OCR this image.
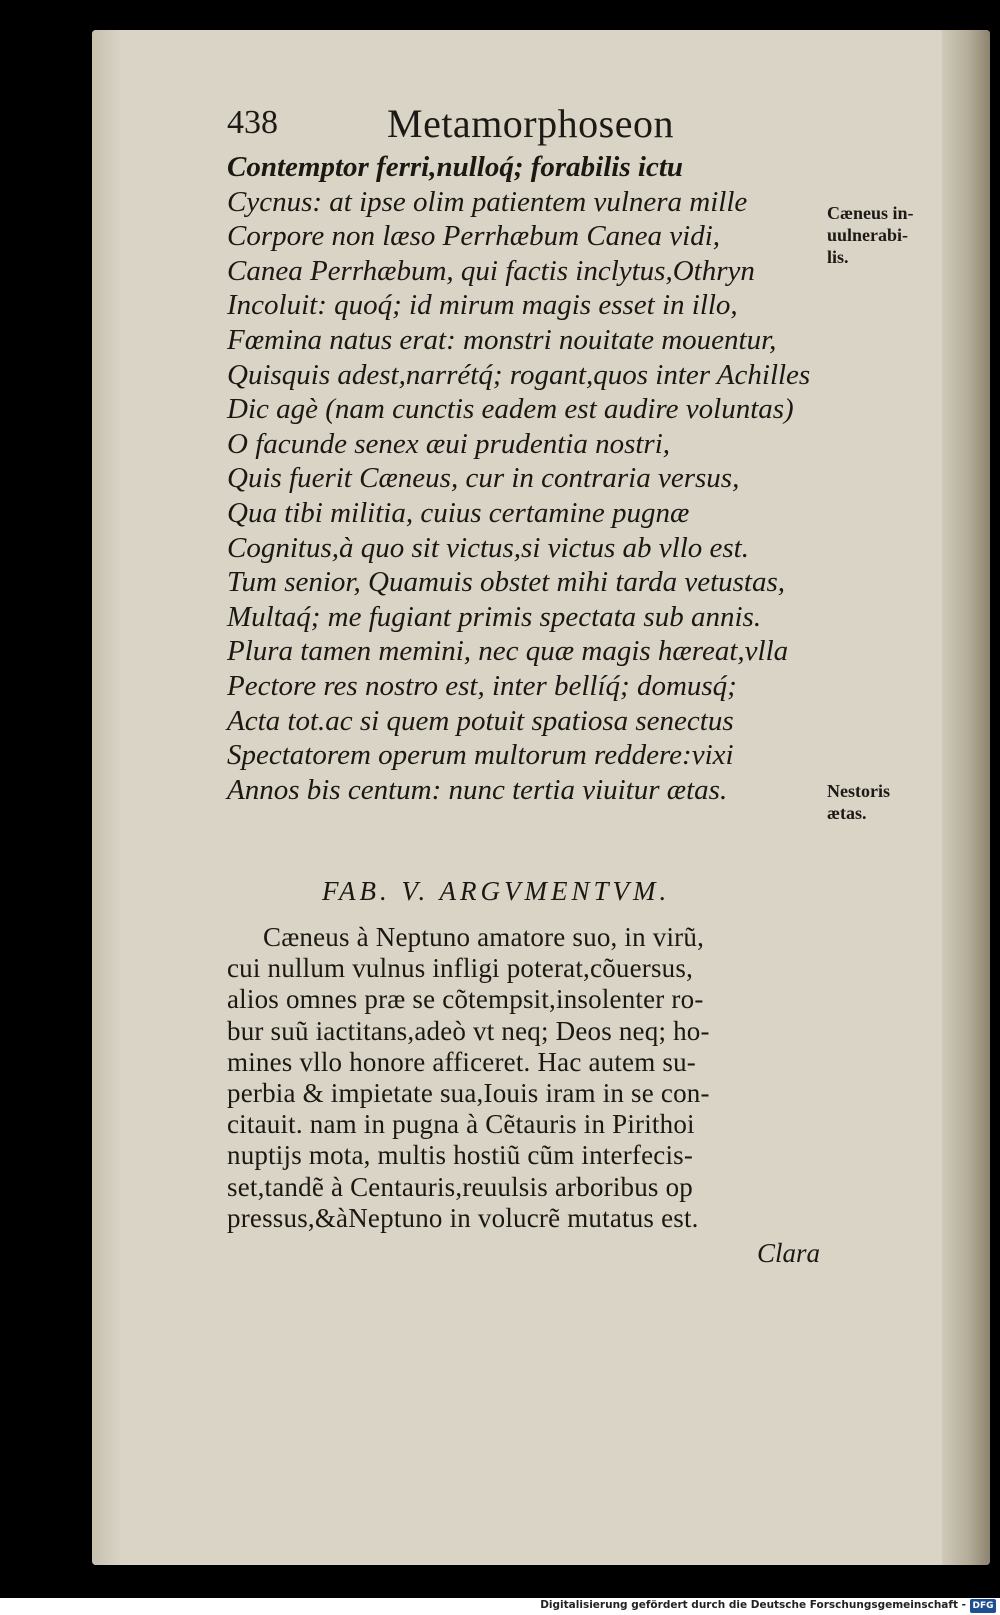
438	Metamorphoseon
Contemptor ferri,nulloq́; forabilis ictu
Cycnus: at ipse olim patientem vulnera mille
Corpore non læso Perrhæbum Canea vidi,
Canea Perrhæbum, qui factis inclytus,Othryn
Incoluit: quoq́; id mirum magis esset in illo,
Fœmina natus erat: monstri nouitate mouentur,
Quisquis adest,narrétq́; rogant,quos inter Achilles
Dic agè (nam cunctis eadem est audire voluntas)
O facunde senex æui prudentia nostri,
Quis fuerit Cæneus, cur in contraria versus,
Qua tibi militia, cuius certamine pugnæ
Cognitus,à quo sit victus,si victus ab vllo est.
Tum senior, Quamuis obstet mihi tarda vetustas,
Multaq́; me fugiant primis spectata sub annis.
Plura tamen memini, nec quæ magis hæreat,vlla
Pectore res nostro est, inter bellíq́; domusq́;
Acta tot.ac si quem potuit spatiosa senectus
Spectatorem operum multorum reddere:vixi
Annos bis centum: nunc tertia viuitur ætas.
Cæneus in-
uulnerabi-
lis.
Nestoris
ætas.
FAB. V. ARGVMENTVM.
Cæneus à Neptuno amatore suo, in virũ,
cui nullum vulnus infligi poterat,cõuersus,
alios omnes præ se cõtempsit,insolenter ro-
bur suũ iactitans,adeò vt neq; Deos neq; ho-
mines vllo honore afficeret. Hac autem su-
perbia & impietate sua,Iouis iram in se con-
citauit. nam in pugna à Cẽtauris in Pirithoi
nuptijs mota, multis hostiũ cũm interfecis-
set,tandẽ à Centauris,reuulsis arboribus op
pressus,&àNeptuno in volucrẽ mutatus est.
Clara
Digitalisierung gefördert durch die Deutsche Forschungsgemeinschaft - DFG
